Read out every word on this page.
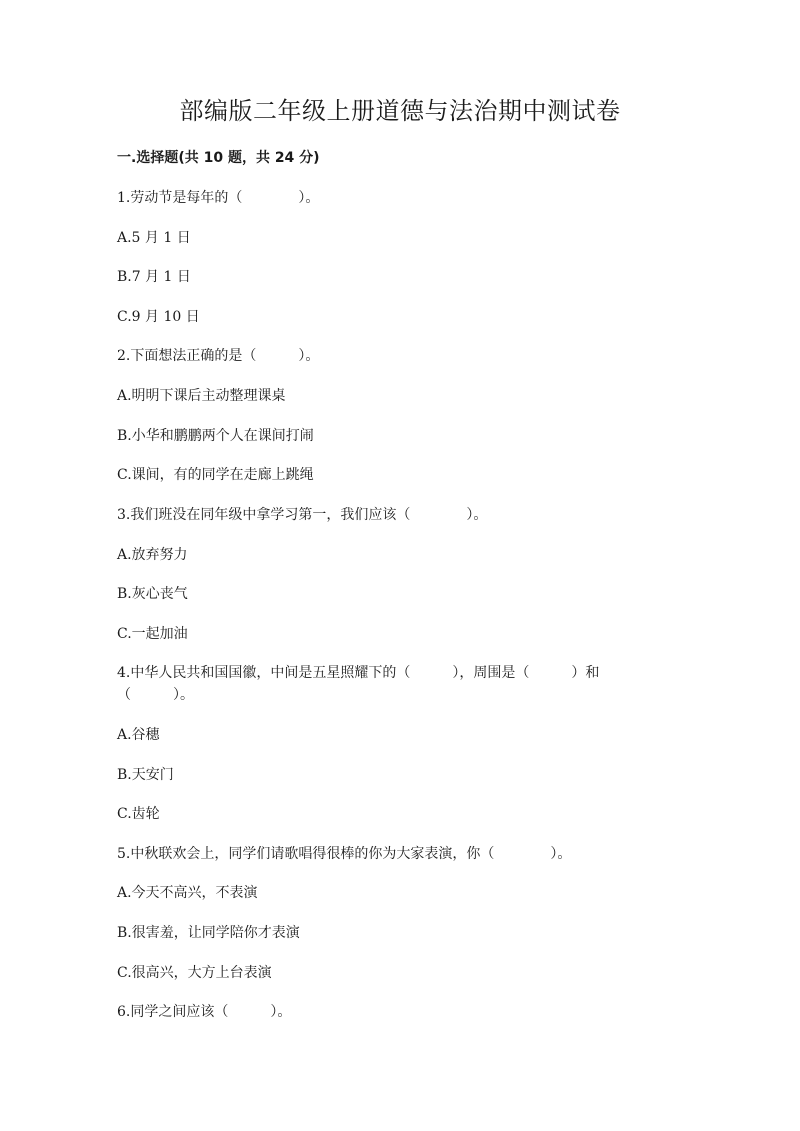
部编版二年级上册道德与法治期中测试卷
一.选择题(共 10 题，共 24 分)
1.劳动节是每年的（　　　　）。
A.5 月 1 日
B.7 月 1 日
C.9 月 10 日
2.下面想法正确的是（　　　）。
A.明明下课后主动整理课桌
B.小华和鹏鹏两个人在课间打闹
C.课间，有的同学在走廊上跳绳
3.我们班没在同年级中拿学习第一，我们应该（　　　　）。
A.放弃努力
B.灰心丧气
C.一起加油
4.中华人民共和国国徽，中间是五星照耀下的（　　　），周围是（　　　）和
（　　　）。
A.谷穗
B.天安门
C.齿轮
5.中秋联欢会上，同学们请歌唱得很棒的你为大家表演，你（　　　　）。
A.今天不高兴，不表演
B.很害羞，让同学陪你才表演
C.很高兴，大方上台表演
6.同学之间应该（　　　）。
